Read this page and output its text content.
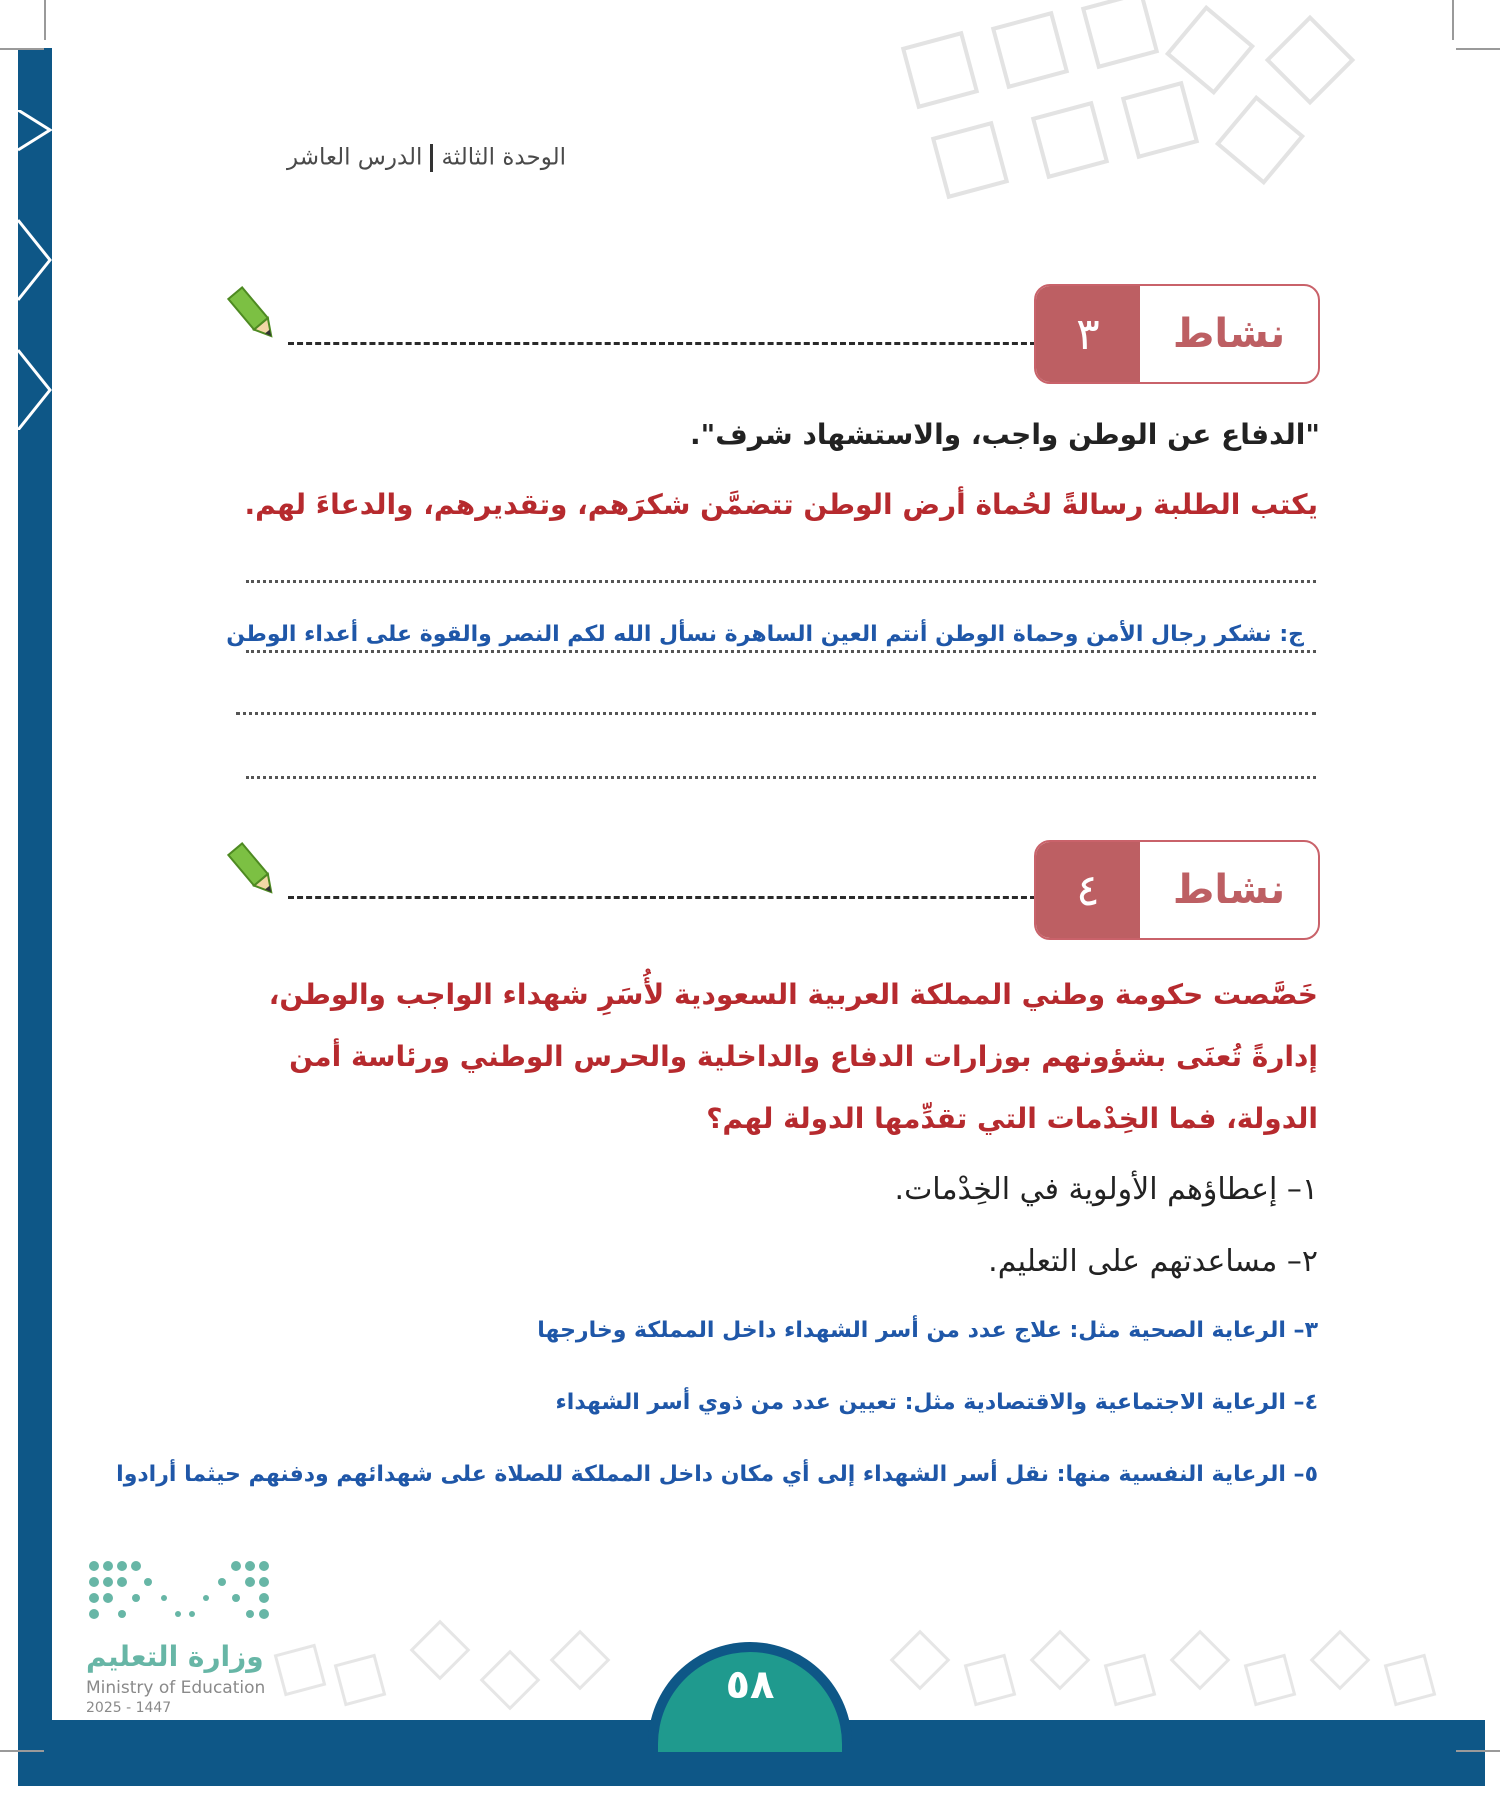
الوحدة الثالثةالدرس العاشر
٣	نشاط
"الدفاع عن الوطن واجب، والاستشهاد شرف".
يكتب الطلبة رسالةً لحُماة أرض الوطن تتضمَّن شكرَهم، وتقديرهم، والدعاءَ لهم.
ج: نشكر رجال الأمن وحماة الوطن أنتم العين الساهرة نسأل الله لكم النصر والقوة على أعداء الوطن
٤	نشاط
خَصَّصت حكومة وطني المملكة العربية السعودية لأُسَرِ شهداء الواجب والوطن، إدارةً تُعنَى بشؤونهم بوزارات الدفاع والداخلية والحرس الوطني ورئاسة أمن الدولة، فما الخِدْمات التي تقدِّمها الدولة لهم؟
١– إعطاؤهم الأولوية في الخِدْمات.
٢– مساعدتهم على التعليم.
٣– الرعاية الصحية مثل: علاج عدد من أسر الشهداء داخل المملكة وخارجها
٤– الرعاية الاجتماعية والاقتصادية مثل: تعيين عدد من ذوي أسر الشهداء
٥– الرعاية النفسية منها: نقل أسر الشهداء إلى أي مكان داخل المملكة للصلاة على شهدائهم ودفنهم حيثما أرادوا
٥٨
وزارة التعليم
Ministry of Education
2025 - 1447
